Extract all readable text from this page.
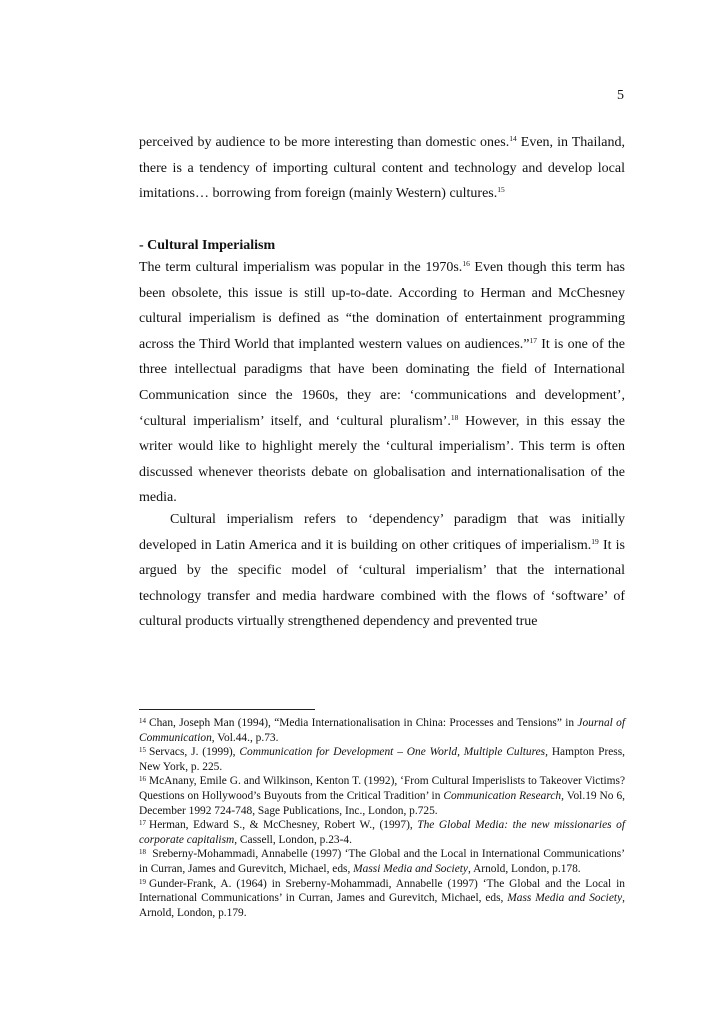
5

perceived by audience to be more interesting than domestic ones.$^{14}$ Even, in Thailand, there is a tendency of importing cultural content and technology and develop local imitations… borrowing from foreign (mainly Western) cultures.$^{15}$

- Cultural Imperialism

The term cultural imperialism was popular in the 1970s.$^{16}$ Even though this term has been obsolete, this issue is still up-to-date. According to Herman and McChesney cultural imperialism is defined as “the domination of entertainment programming across the Third World that implanted western values on audiences.”$^{17}$ It is one of the three intellectual paradigms that have been dominating the field of International Communication since the 1960s, they are: ‘communications and development’, ‘cultural imperialism’ itself, and ‘cultural pluralism’.$^{18}$ However, in this essay the writer would like to highlight merely the ‘cultural imperialism’. This term is often discussed whenever theorists debate on globalisation and internationalisation of the media.

Cultural imperialism refers to ‘dependency’ paradigm that was initially developed in Latin America and it is building on other critiques of imperialism.$^{19}$ It is argued by the specific model of ‘cultural imperialism’ that the international technology transfer and media hardware combined with the flows of ‘software’ of cultural products virtually strengthened dependency and prevented true

$^{14}$ Chan, Joseph Man (1994), “Media Internationalisation in China: Processes and Tensions” in Journal of Communication, Vol.44., p.73.

$^{15}$ Servacs, J. (1999), Communication for Development – One World, Multiple Cultures, Hampton Press, New York, p. 225.

$^{16}$ McAnany, Emile G. and Wilkinson, Kenton T. (1992), ‘From Cultural Imperislists to Takeover Victims? Questions on Hollywood’s Buyouts from the Critical Tradition’ in Communication Research, Vol.19 No 6, December 1992 724-748, Sage Publications, Inc., London, p.725.

$^{17}$ Herman, Edward S., & McChesney, Robert W., (1997), The Global Media: the new missionaries of corporate capitalism, Cassell, London, p.23-4.

$^{18}$ Sreberny-Mohammadi, Annabelle (1997) ‘The Global and the Local in International Communications’ in Curran, James and Gurevitch, Michael, eds, Massi Media and Society, Arnold, London, p.178.

$^{19}$ Gunder-Frank, A. (1964) in Sreberny-Mohammadi, Annabelle (1997) ‘The Global and the Local in International Communications’ in Curran, James and Gurevitch, Michael, eds, Mass Media and Society, Arnold, London, p.179.
